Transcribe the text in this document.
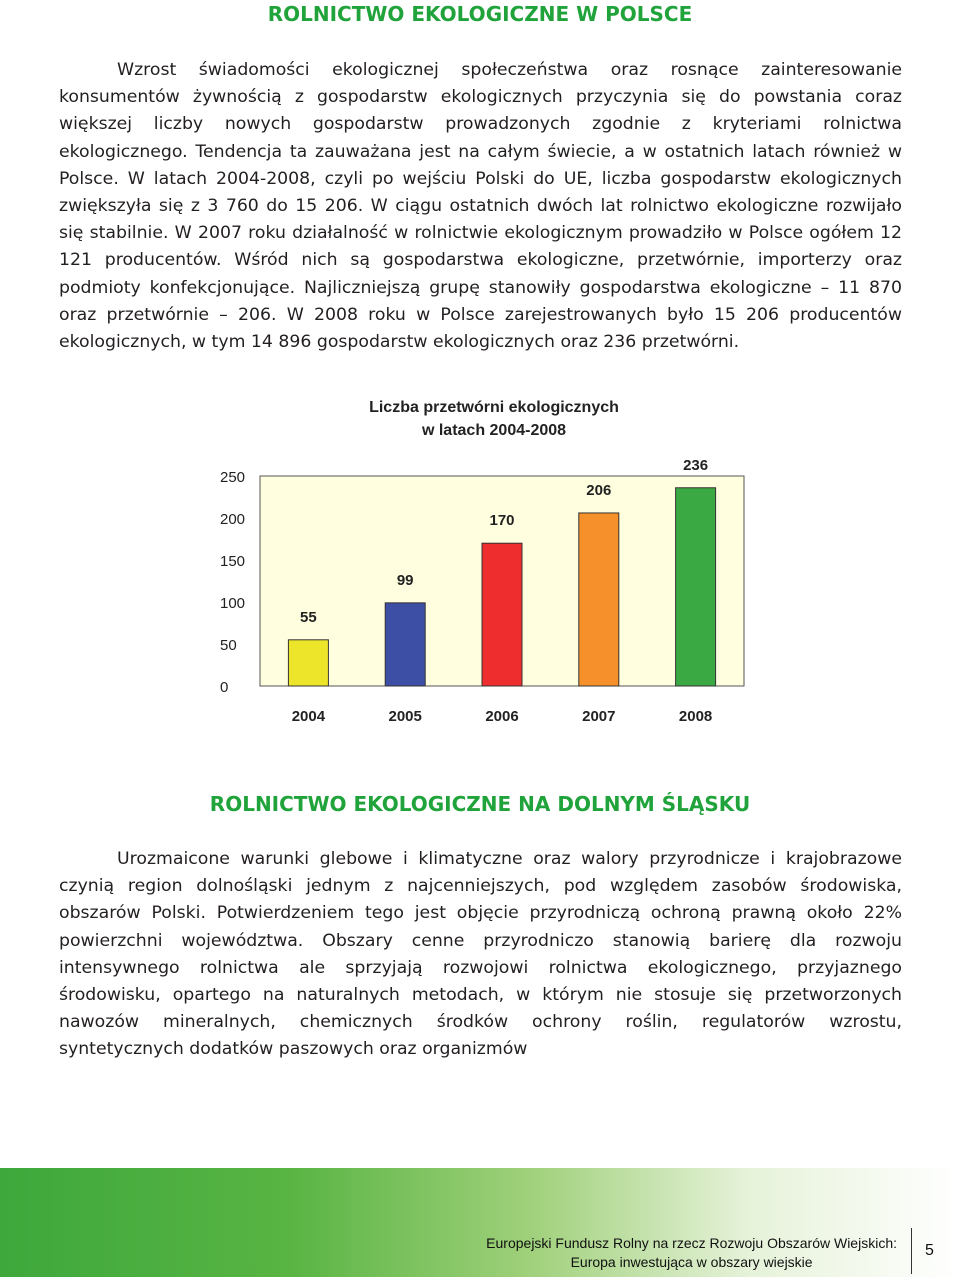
ROLNICTWO EKOLOGICZNE W POLSCE

Wzrost świadomości ekologicznej społeczeństwa oraz rosnące zainteresowanie konsumentów żywnością z gospodarstw ekologicznych przyczynia się do powstania coraz większej liczby nowych gospodarstw prowadzonych zgodnie z kryteriami rolnictwa ekologicznego. Tendencja ta zauważana jest na całym świecie, a w ostatnich latach również w Polsce. W latach 2004-2008, czyli po wejściu Polski do UE, liczba gospodarstw ekologicznych zwiększyła się z 3 760 do 15 206. W ciągu ostatnich dwóch lat rolnictwo ekologiczne rozwijało się stabilnie. W 2007 roku działalność w rolnictwie ekologicznym prowadziło w Polsce ogółem 12 121 producentów. Wśród nich są gospodarstwa ekologiczne, przetwórnie, importerzy oraz podmioty konfekcjonujące. Najliczniejszą grupę stanowiły gospodarstwa ekologiczne – 11 870 oraz przetwórnie – 206. W 2008 roku w Polsce zarejestrowanych było 15 206 producentów ekologicznych, w tym 14 896 gospodarstw ekologicznych oraz 236 przetwórni.

Liczba przetwórni ekologicznych
w latach 2004-2008
0
50
100
150
200
250
55
99
170
206
236
2004	2005	2006	2007	2008
ROLNICTWO EKOLOGICZNE NA DOLNYM ŚLĄSKU

Urozmaicone warunki glebowe i klimatyczne oraz walory przyrodnicze i krajobrazowe czynią region dolnośląski jednym z najcenniejszych, pod względem zasobów środowiska, obszarów Polski. Potwierdzeniem tego jest objęcie przyrodniczą ochroną prawną około 22% powierzchni województwa. Obszary cenne przyrodniczo stanowią barierę dla rozwoju intensywnego rolnictwa ale sprzyjają rozwojowi rolnictwa ekologicznego, przyjaznego środowisku, opartego na naturalnych metodach, w którym nie stosuje się przetworzonych nawozów mineralnych, chemicznych środków ochrony roślin, regulatorów wzrostu, syntetycznych dodatków paszowych oraz organizmów

Europejski Fundusz Rolny na rzecz Rozwoju Obszarów Wiejskich:
Europa inwestująca w obszary wiejskie
5
